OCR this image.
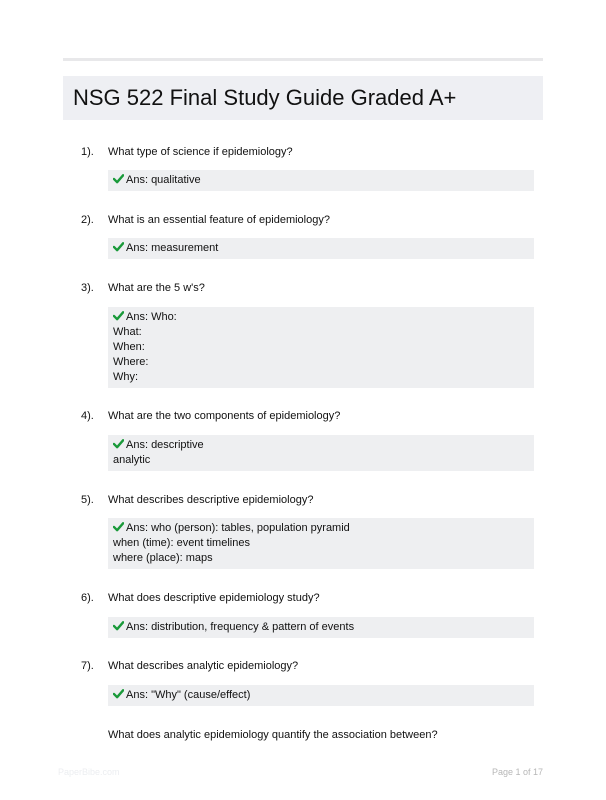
NSG 522 Final Study Guide Graded A+
1). What type of science if epidemiology?
Ans: qualitative
2). What is an essential feature of epidemiology?
Ans: measurement
3). What are the 5 w's?
Ans: Who:
What:
When:
Where:
Why:
4). What are the two components of epidemiology?
Ans: descriptive
analytic
5). What describes descriptive epidemiology?
Ans: who (person): tables, population pyramid
when (time): event timelines
where (place): maps
6). What does descriptive epidemiology study?
Ans: distribution, frequency & pattern of events
7). What describes analytic epidemiology?
Ans: "Why" (cause/effect)
What does analytic epidemiology quantify the association between?
PaperBibe.com	Page 1 of 17
